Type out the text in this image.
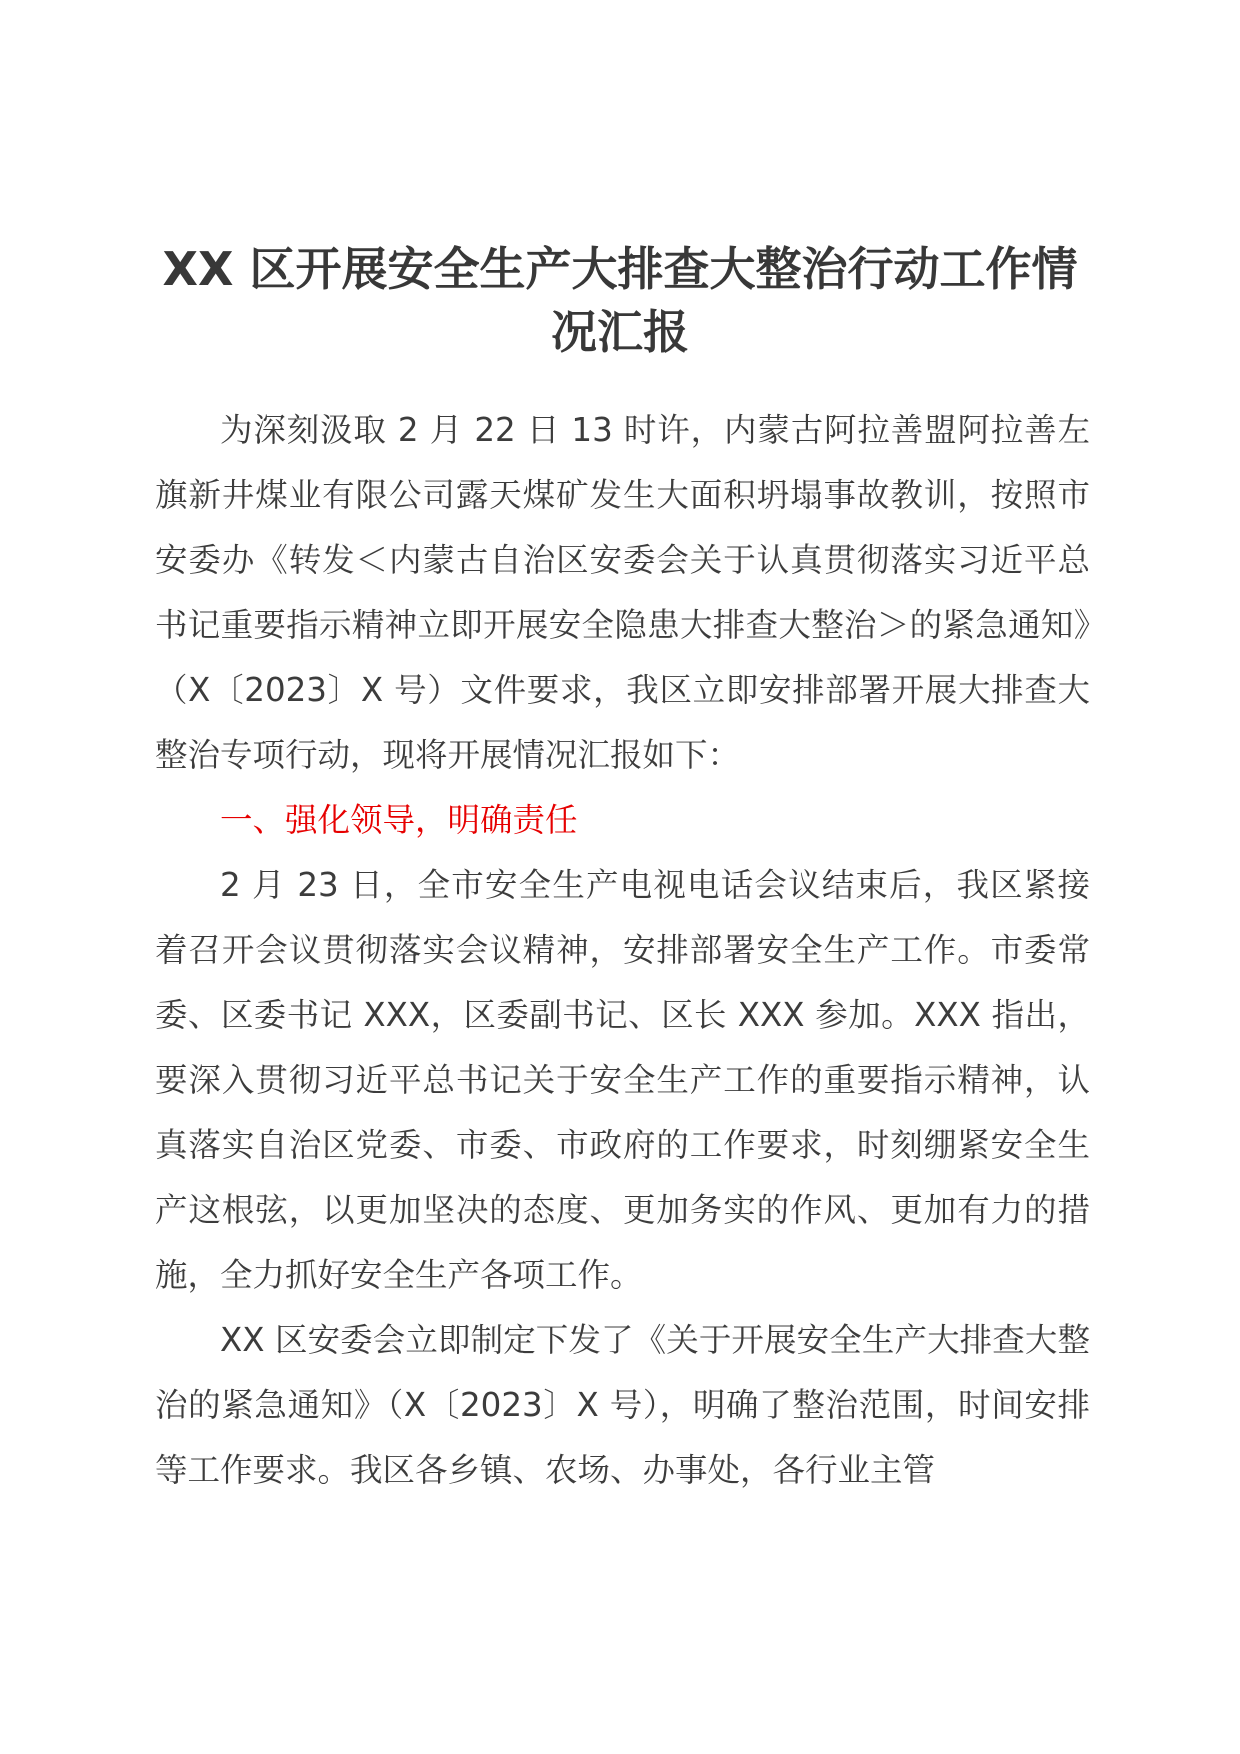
XX 区开展安全生产大排查大整治行动工作情况汇报

为深刻汲取 2 月 22 日 13 时许，内蒙古阿拉善盟阿拉善左旗新井煤业有限公司露天煤矿发生大面积坍塌事故教训，按照市安委办《转发＜内蒙古自治区安委会关于认真贯彻落实习近平总书记重要指示精神立即开展安全隐患大排查大整治＞的紧急通知》（X〔2023〕X 号）文件要求，我区立即安排部署开展大排查大整治专项行动，现将开展情况汇报如下：

一、强化领导，明确责任

2 月 23 日，全市安全生产电视电话会议结束后，我区紧接着召开会议贯彻落实会议精神，安排部署安全生产工作。市委常委、区委书记 XXX，区委副书记、区长 XXX 参加。XXX 指出，要深入贯彻习近平总书记关于安全生产工作的重要指示精神，认真落实自治区党委、市委、市政府的工作要求，时刻绷紧安全生产这根弦，以更加坚决的态度、更加务实的作风、更加有力的措施，全力抓好安全生产各项工作。

XX 区安委会立即制定下发了《关于开展安全生产大排查大整治的紧急通知》（X〔2023〕X 号），明确了整治范围，时间安排等工作要求。我区各乡镇、农场、办事处，各行业主管
